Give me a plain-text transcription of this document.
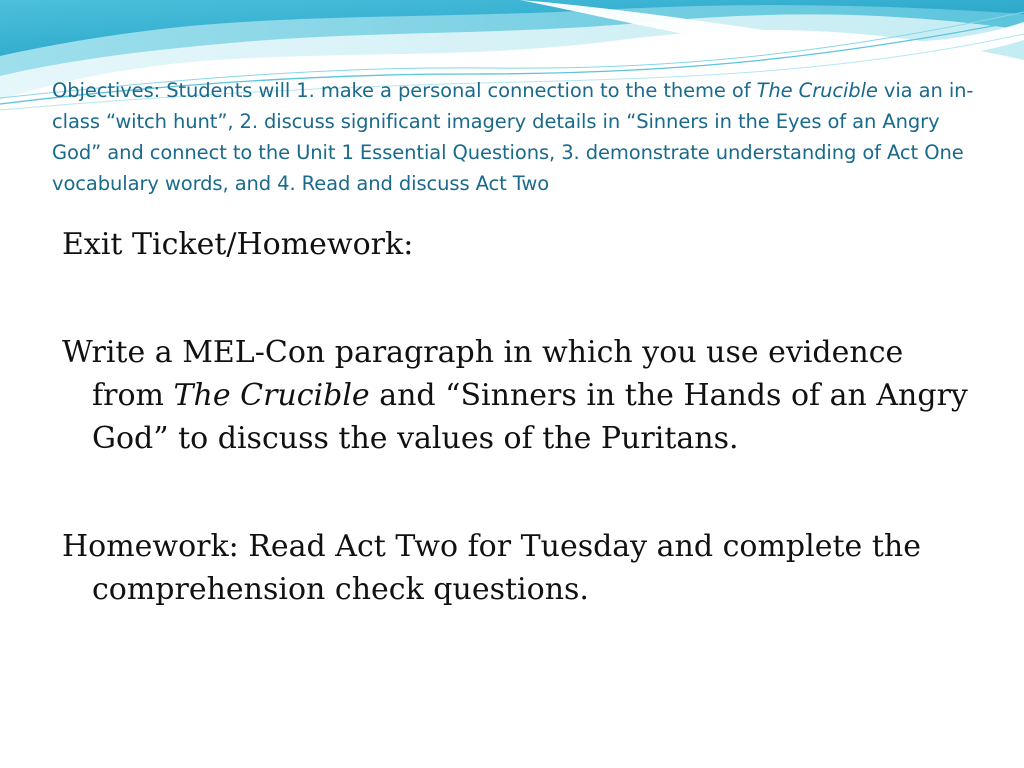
Objectives: Students will 1. make a personal connection to the theme of The Crucible via an in-class “witch hunt”, 2. discuss significant imagery details in “Sinners in the Eyes of an Angry God” and connect to the Unit 1 Essential Questions, 3. demonstrate understanding of Act One vocabulary words, and 4. Read and discuss Act Two

Exit Ticket/Homework:

Write a MEL-Con paragraph in which you use evidence from The Crucible and “Sinners in the Hands of an Angry God” to discuss the values of the Puritans.

Homework: Read Act Two for Tuesday and complete the comprehension check questions.
